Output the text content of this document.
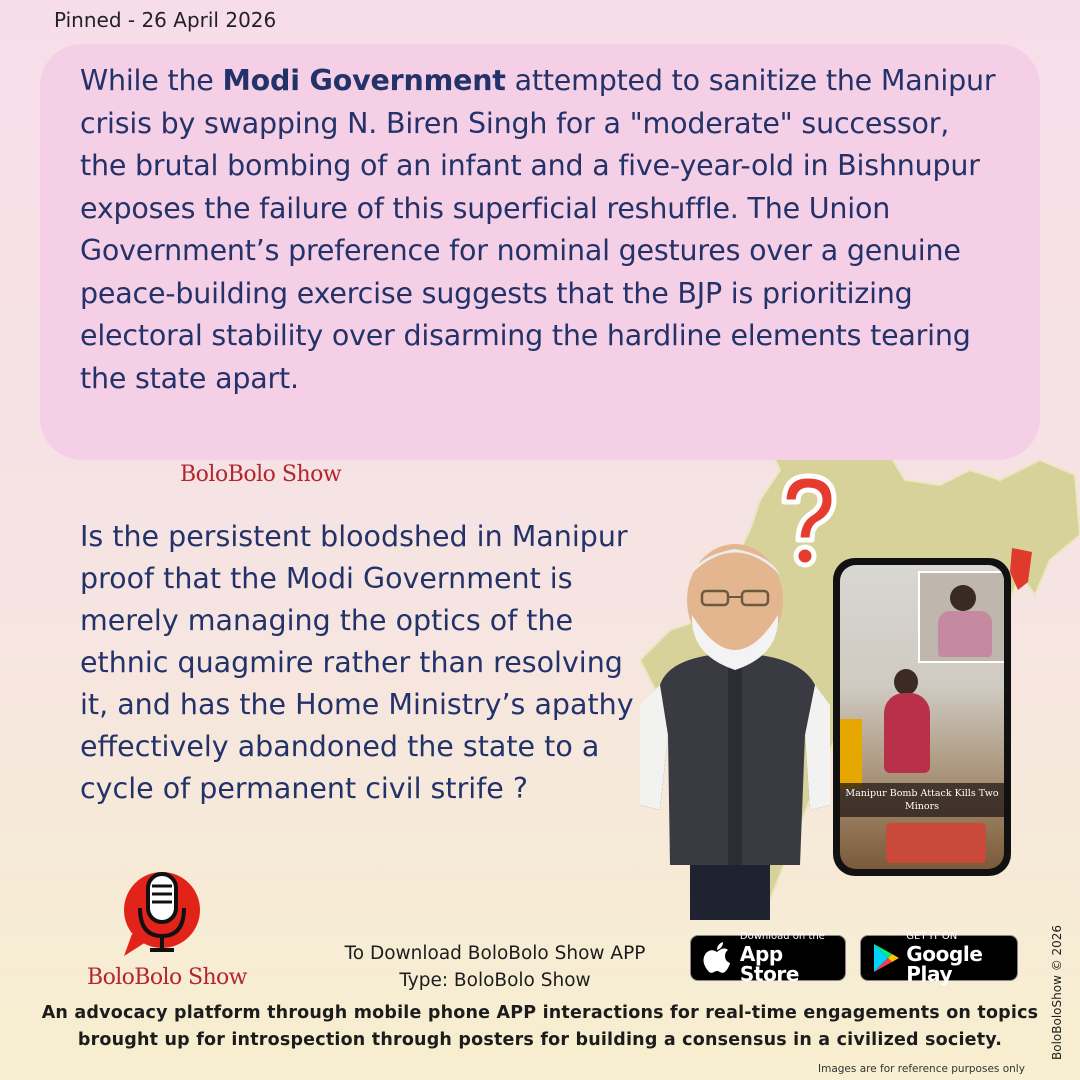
Pinned - 26 April 2026

While the Modi Government attempted to sanitize the Manipur crisis by swapping N. Biren Singh for a "moderate" successor, the brutal bombing of an infant and a five-year-old in Bishnupur exposes the failure of this superficial reshuffle. The Union Government’s preference for nominal gestures over a genuine peace-building exercise suggests that the BJP is prioritizing electoral stability over disarming the hardline elements tearing the state apart.

BoloBolo Show
Is the persistent bloodshed in Manipur proof that the Modi Government is merely managing the optics of the ethnic quagmire rather than resolving it, and has the Home Ministry’s apathy effectively abandoned the state to a cycle of permanent civil strife ?	Manipur Bomb Attack Kills Two Minors
BoloBolo Show
To Download BoloBolo Show APP
Type: BoloBolo Show
Download on the
App Store
GET IT ON
Google Play
An advocacy platform through mobile phone APP interactions for real-time engagements on topics brought up for introspection through posters for building a consensus in a civilized society.
Images are for reference purposes only
BoloBoloShow © 2026
